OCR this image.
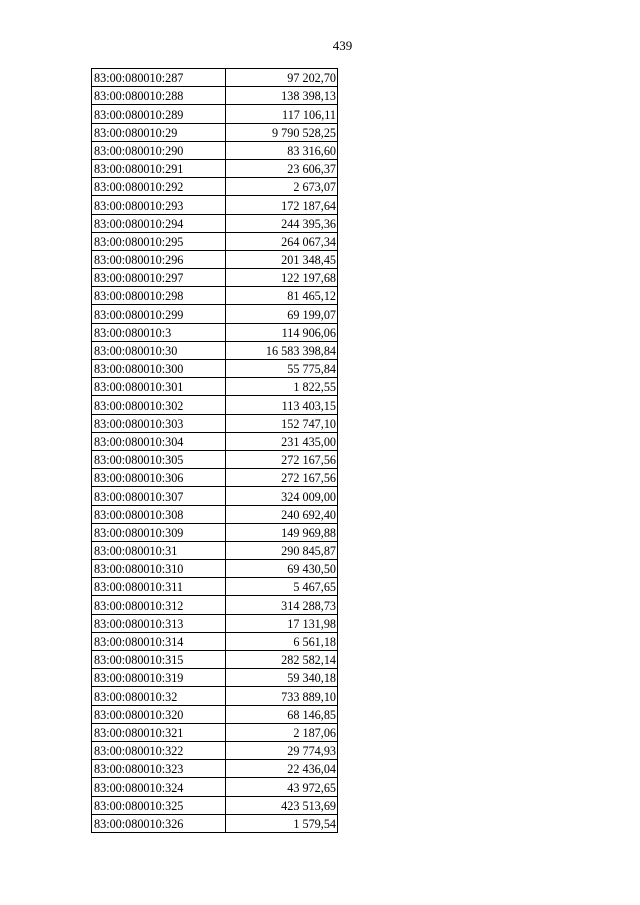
439
83:00:080010:287	97 202,70
83:00:080010:288	138 398,13
83:00:080010:289	117 106,11
83:00:080010:29	9 790 528,25
83:00:080010:290	83 316,60
83:00:080010:291	23 606,37
83:00:080010:292	2 673,07
83:00:080010:293	172 187,64
83:00:080010:294	244 395,36
83:00:080010:295	264 067,34
83:00:080010:296	201 348,45
83:00:080010:297	122 197,68
83:00:080010:298	81 465,12
83:00:080010:299	69 199,07
83:00:080010:3	114 906,06
83:00:080010:30	16 583 398,84
83:00:080010:300	55 775,84
83:00:080010:301	1 822,55
83:00:080010:302	113 403,15
83:00:080010:303	152 747,10
83:00:080010:304	231 435,00
83:00:080010:305	272 167,56
83:00:080010:306	272 167,56
83:00:080010:307	324 009,00
83:00:080010:308	240 692,40
83:00:080010:309	149 969,88
83:00:080010:31	290 845,87
83:00:080010:310	69 430,50
83:00:080010:311	5 467,65
83:00:080010:312	314 288,73
83:00:080010:313	17 131,98
83:00:080010:314	6 561,18
83:00:080010:315	282 582,14
83:00:080010:319	59 340,18
83:00:080010:32	733 889,10
83:00:080010:320	68 146,85
83:00:080010:321	2 187,06
83:00:080010:322	29 774,93
83:00:080010:323	22 436,04
83:00:080010:324	43 972,65
83:00:080010:325	423 513,69
83:00:080010:326	1 579,54
